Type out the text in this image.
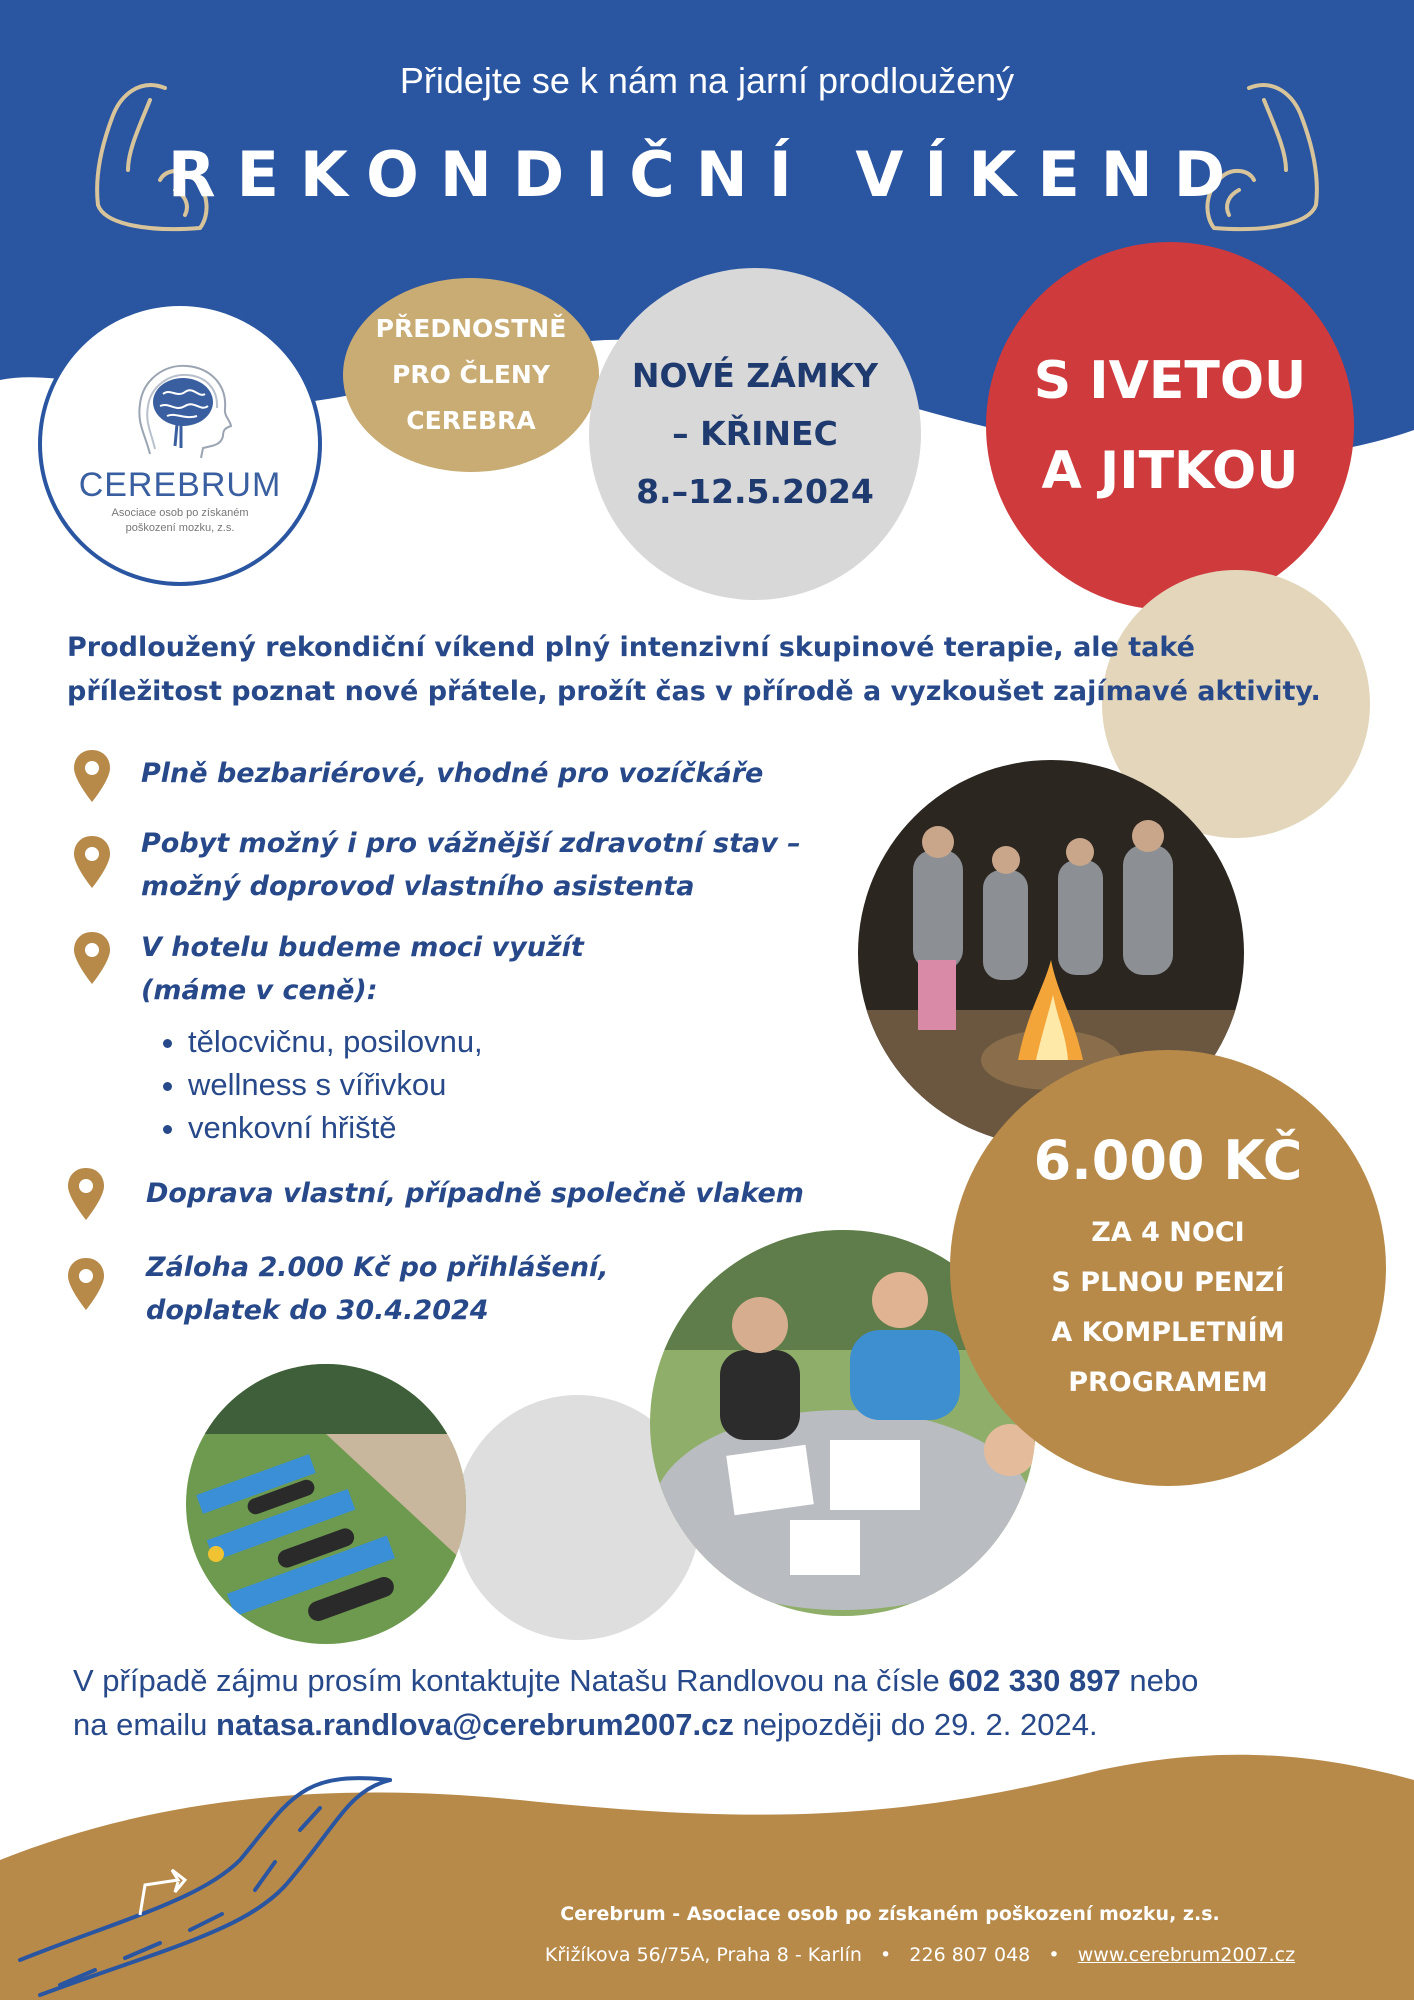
Přidejte se k nám na jarní prodloužený
REKONDIČNÍ VÍKEND
CEREBRUM
Asociace osob po získaném
poškození mozku, z.s.
PŘEDNOSTNĚ
PRO ČLENY
CEREBRA
NOVÉ ZÁMKY
– KŘINEC
8.–12.5.2024
S IVETOU
A JITKOU
Prodloužený rekondiční víkend plný intenzivní skupinové terapie, ale také
příležitost poznat nové přátele, prožít čas v přírodě a vyzkoušet zajímavé aktivity.
Plně bezbariérové, vhodné pro vozíčkáře
Pobyt možný i pro vážnější zdravotní stav –
možný doprovod vlastního asistenta
V hotelu budeme moci využít
(máme v ceně):
• tělocvičnu, posilovnu,
• wellness s vířivkou
• venkovní hřiště
Doprava vlastní, případně společně vlakem
Záloha 2.000 Kč po přihlášení,
doplatek do 30.4.2024
6.000 KČ
ZA 4 NOCI
S PLNOU PENZÍ
A KOMPLETNÍM
PROGRAMEM
V případě zájmu prosím kontaktujte Natašu Randlovou na čísle 602 330 897 nebo
na emailu natasa.randlova@cerebrum2007.cz nejpozději do 29. 2. 2024.
Cerebrum - Asociace osob po získaném poškození mozku, z.s.
Křižíkova 56/75A, Praha 8 - Karlín • 226 807 048 • www.cerebrum2007.cz
